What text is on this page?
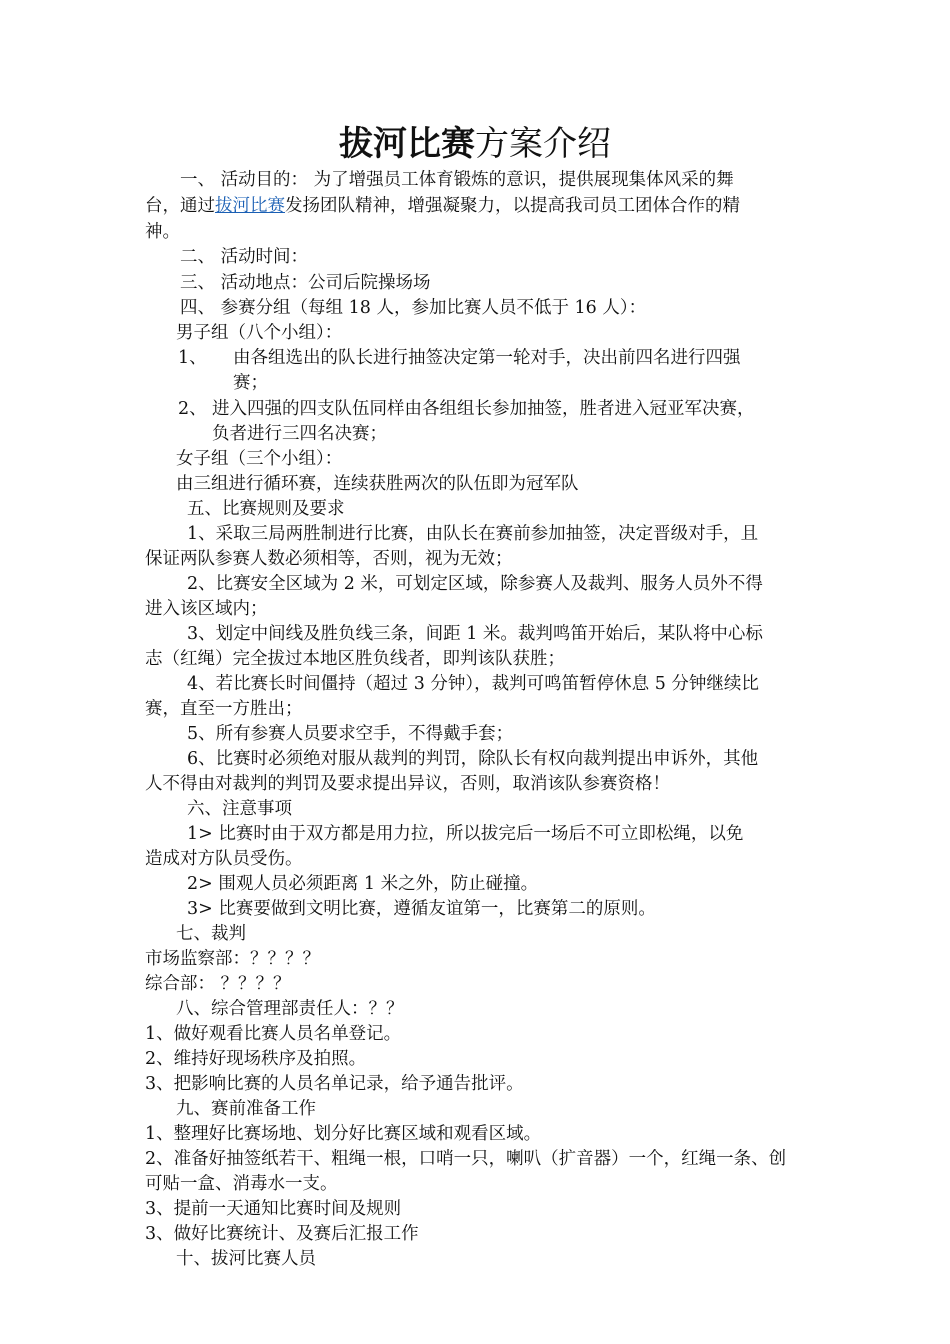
拔河比赛方案介绍
一、 活动目的： 为了增强员工体育锻炼的意识，提供展现集体风采的舞
台，通过拔河比赛发扬团队精神，增强凝聚力，以提高我司员工团体合作的精
神。
二、 活动时间：
三、 活动地点：公司后院操场场
四、 参赛分组（每组 18 人，参加比赛人员不低于 16 人）：
男子组（八个小组）：
1、 由各组选出的队长进行抽签决定第一轮对手，决出前四名进行四强
赛；
2、 进入四强的四支队伍同样由各组组长参加抽签，胜者进入冠亚军决赛，
负者进行三四名决赛；
女子组（三个小组）：
由三组进行循环赛，连续获胜两次的队伍即为冠军队
五、比赛规则及要求
1、采取三局两胜制进行比赛，由队长在赛前参加抽签，决定晋级对手，且
保证两队参赛人数必须相等，否则，视为无效；
2、比赛安全区域为 2 米，可划定区域，除参赛人及裁判、服务人员外不得
进入该区域内；
3、划定中间线及胜负线三条，间距 1 米。裁判鸣笛开始后，某队将中心标
志（红绳）完全拔过本地区胜负线者，即判该队获胜；
4、若比赛长时间僵持（超过 3 分钟），裁判可鸣笛暂停休息 5 分钟继续比
赛，直至一方胜出；
5、所有参赛人员要求空手，不得戴手套；
6、比赛时必须绝对服从裁判的判罚，除队长有权向裁判提出申诉外，其他
人不得由对裁判的判罚及要求提出异议，否则，取消该队参赛资格！
六、注意事项
1> 比赛时由于双方都是用力拉，所以拔完后一场后不可立即松绳，以免
造成对方队员受伤。
2> 围观人员必须距离 1 米之外，防止碰撞。
3> 比赛要做到文明比赛，遵循友谊第一，比赛第二的原则。
七、裁判
市场监察部：？？？？
综合部： ？？？？
八、综合管理部责任人：？？
1、做好观看比赛人员名单登记。
2、维持好现场秩序及拍照。
3、把影响比赛的人员名单记录，给予通告批评。
九、赛前准备工作
1、整理好比赛场地、划分好比赛区域和观看区域。
2、准备好抽签纸若干、粗绳一根，口哨一只，喇叭（扩音器）一个，红绳一条、创
可贴一盒、消毒水一支。
3、提前一天通知比赛时间及规则
3、做好比赛统计、及赛后汇报工作
十、拔河比赛人员
